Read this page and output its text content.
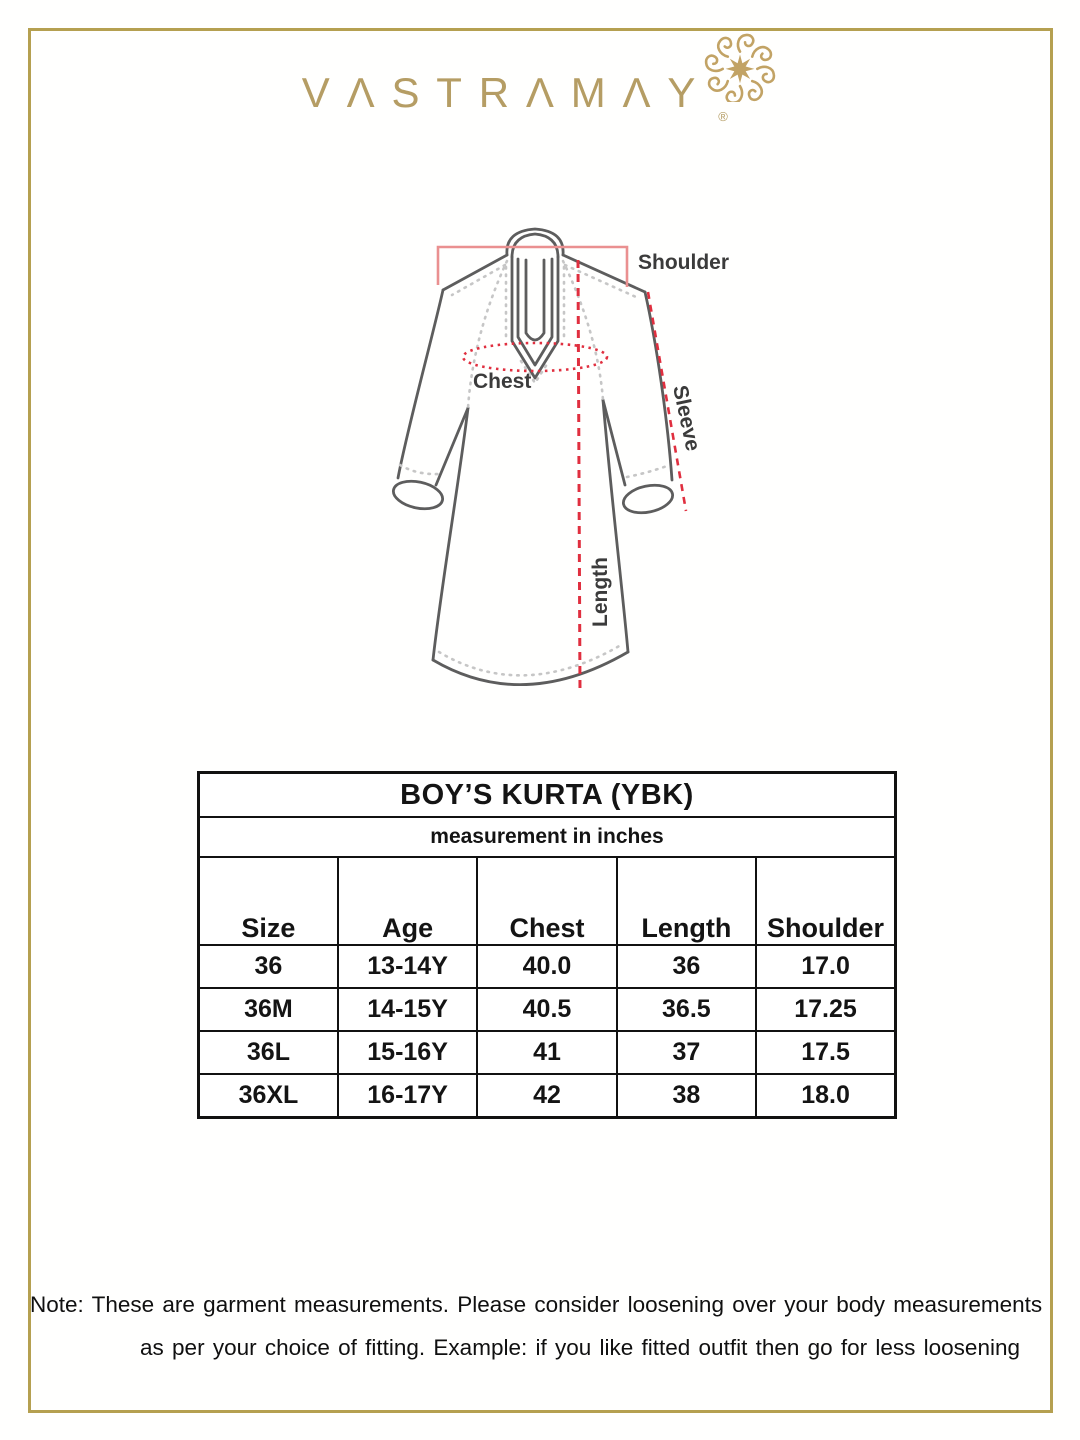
VΛSTRΛMΛY
®
Shoulder
Chest
Sleeve
Length
BOY’S KURTA (YBK)				
measurement in inches				
Size	Age	Chest	Length	Shoulder
36	13-14Y	40.0	36	17.0
36M	14-15Y	40.5	36.5	17.25
36L	15-16Y	41	37	17.5
36XL	16-17Y	42	38	18.0
Note: These are garment measurements. Please consider loosening over your body measurements
as per your choice of fitting. Example: if you like fitted outfit then go for less loosening
